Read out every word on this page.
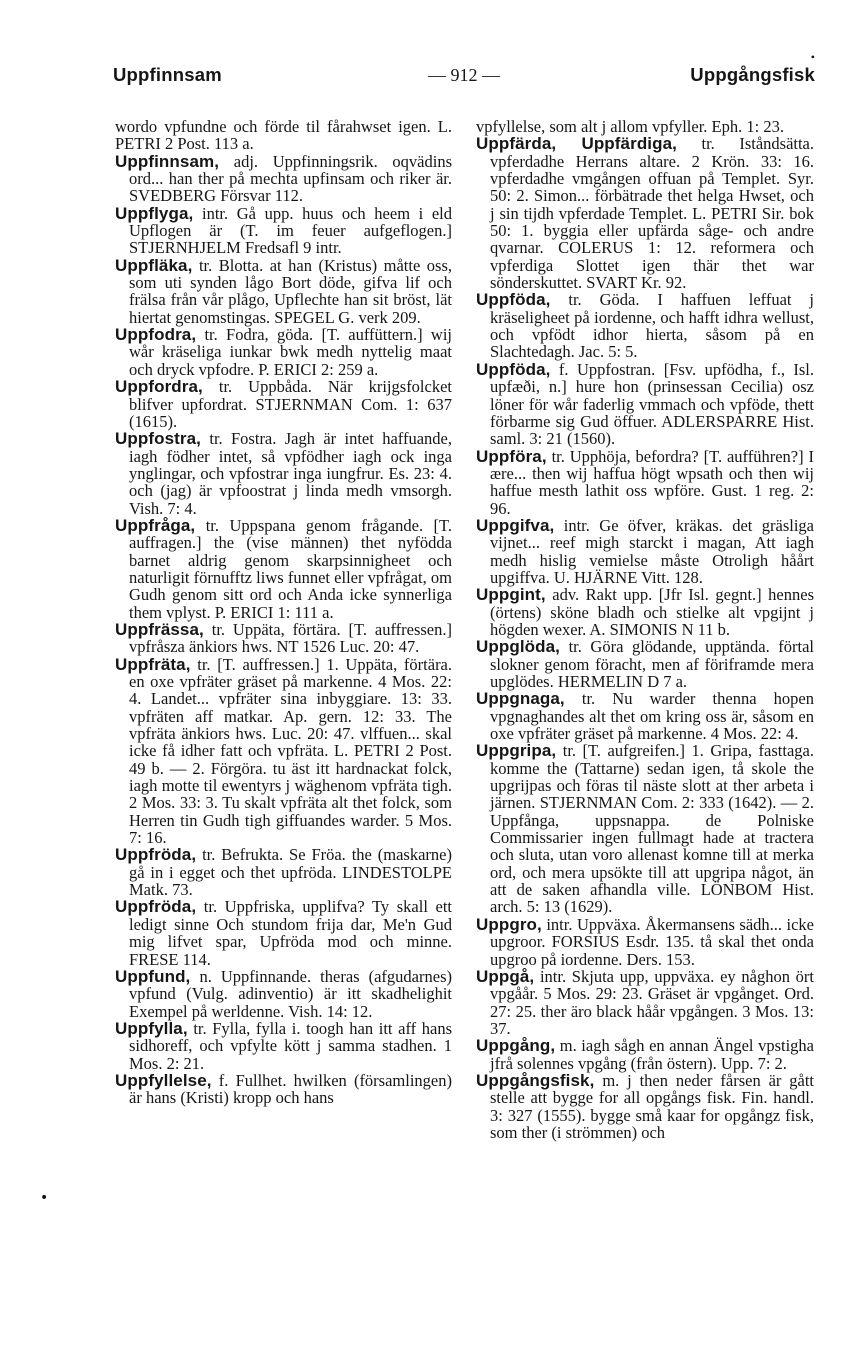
Uppfinnsam	— 912 —	Uppgångsfisk
•
•

wordo vpfundne och förde til fårahwset igen. L. PETRI 2 Post. 113 a.

Uppfinnsam, adj. Uppfinningsrik. oqvädins ord... han ther på mechta upfinsam och riker är. SVEDBERG Försvar 112.

Uppflyga, intr. Gå upp. huus och heem i eld Upflogen är (T. im feuer aufgeflogen.] STJERNHJELM Fredsafl 9 intr.

Uppfläka, tr. Blotta. at han (Kristus) måtte oss, som uti synden lågo Bort döde, gifva lif och frälsa från vår plågo, Upflechte han sit bröst, lät hiertat genomstingas. SPEGEL G. verk 209.

Uppfodra, tr. Fodra, göda. [T. auffüttern.] wij wår kräseliga iunkar bwk medh nyttelig maat och dryck vpfodre. P. ERICI 2: 259 a.

Uppfordra, tr. Uppbåda. När krijgsfolcket blifver upfordrat. STJERNMAN Com. 1: 637 (1615).

Uppfostra, tr. Fostra. Jagh är intet haffuande, iagh födher intet, så vpfödher iagh ock inga ynglingar, och vpfostrar inga iungfrur. Es. 23: 4. och (jag) är vpfoostrat j linda medh vmsorgh. Vish. 7: 4.

Uppfråga, tr. Uppspana genom frågande. [T. auffragen.] the (vise männen) thet nyfödda barnet aldrig genom skarpsinnigheet och naturligit förnufftz liws funnet eller vpfrågat, om Gudh genom sitt ord och Anda icke synnerliga them vplyst. P. ERICI 1: 111 a.

Uppfrässa, tr. Uppäta, förtära. [T. auffressen.] vpfråsza änkiors hws. NT 1526 Luc. 20: 47.

Uppfräta, tr. [T. auffressen.] 1. Uppäta, förtära. en oxe vpfräter gräset på markenne. 4 Mos. 22: 4. Landet... vpfräter sina inbyggiare. 13: 33. vpfräten aff matkar. Ap. gern. 12: 33. The vpfräta änkiors hws. Luc. 20: 47. vlffuen... skal icke få idher fatt och vpfräta. L. PETRI 2 Post. 49 b. — 2. Förgöra. tu äst itt hardnackat folck, iagh motte til ewentyrs j wäghenom vpfräta tigh. 2 Mos. 33: 3. Tu skalt vpfräta alt thet folck, som Herren tin Gudh tigh giffuandes warder. 5 Mos. 7: 16.

Uppfröda, tr. Befrukta. Se Fröa. the (maskarne) gå in i egget och thet upfröda. LINDESTOLPE Matk. 73.

Uppfröda, tr. Uppfriska, upplifva? Ty skall ett ledigt sinne Och stundom frija dar, Me'n Gud mig lifvet spar, Upfröda mod och minne. FRESE 114.

Uppfund, n. Uppfinnande. theras (afgudarnes) vpfund (Vulg. adinventio) är itt skadhelighit Exempel på werldenne. Vish. 14: 12.

Uppfylla, tr. Fylla, fylla i. toogh han itt aff hans sidhoreff, och vpfylte kött j samma stadhen. 1 Mos. 2: 21.

Uppfyllelse, f. Fullhet. hwilken (församlingen) är hans (Kristi) kropp och hans

vpfyllelse, som alt j allom vpfyller. Eph. 1: 23.

Uppfärda, Uppfärdiga, tr. Iståndsätta. vpferdadhe Herrans altare. 2 Krön. 33: 16. vpferdadhe vmgången offuan på Templet. Syr. 50: 2. Simon... förbätrade thet helga Hwset, och j sin tijdh vpferdade Templet. L. PETRI Sir. bok 50: 1. byggia eller upfärda såge- och andre qvarnar. COLERUS 1: 12. reformera och vpferdiga Slottet igen thär thet war sönderskuttet. SVART Kr. 92.

Uppföda, tr. Göda. I haffuen leffuat j kräseligheet på iordenne, och hafft idhra wellust, och vpfödt idhor hierta, såsom på en Slachtedagh. Jac. 5: 5.

Uppföda, f. Uppfostran. [Fsv. upfödha, f., Isl. upfæði, n.] hure hon (prinsessan Cecilia) osz löner för wår faderlig vmmach och vpföde, thett förbarme sig Gud öffuer. ADLERSPARRE Hist. saml. 3: 21 (1560).

Uppföra, tr. Upphöja, befordra? [T. aufführen?] I ære... then wij haffua högt wpsath och then wij haffue mesth lathit oss wpföre. Gust. 1 reg. 2: 96.

Uppgifva, intr. Ge öfver, kräkas. det gräsliga vijnet... reef migh starckt i magan, Att iagh medh hislig vemielse måste Otroligh håårt upgiffva. U. HJÄRNE Vitt. 128.

Uppgint, adv. Rakt upp. [Jfr Isl. gegnt.] hennes (örtens) sköne bladh och stielke alt vpgijnt j högden wexer. A. SIMONIS N 11 b.

Uppglöda, tr. Göra glödande, upptända. förtal slokner genom föracht, men af föriframde mera upglödes. HERMELIN D 7 a.

Uppgnaga, tr. Nu warder thenna hopen vpgnaghandes alt thet om kring oss är, såsom en oxe vpfräter gräset på markenne. 4 Mos. 22: 4.

Uppgripa, tr. [T. aufgreifen.] 1. Gripa, fasttaga. komme the (Tattarne) sedan igen, tå skole the upgrijpas och föras til näste slott at ther arbeta i järnen. STJERNMAN Com. 2: 333 (1642). — 2. Uppfånga, uppsnappa. de Polniske Commissarier ingen fullmagt hade at tractera och sluta, utan voro allenast komne till at merka ord, och mera upsökte till att upgripa något, än att de saken afhandla ville. LÖNBOM Hist. arch. 5: 13 (1629).

Uppgro, intr. Uppväxa. Åkermansens sädh... icke upgroor. FORSIUS Esdr. 135. tå skal thet onda upgroo på iordenne. Ders. 153.

Uppgå, intr. Skjuta upp, uppväxa. ey någhon ört vpgåår. 5 Mos. 29: 23. Gräset är vpgånget. Ord. 27: 25. ther äro black håår vpgången. 3 Mos. 13: 37.

Uppgång, m. iagh sågh en annan Ängel vpstigha jfrå solennes vpgång (från östern). Upp. 7: 2.

Uppgångsfisk, m. j then neder fårsen är gått stelle att bygge for all opgångs fisk. Fin. handl. 3: 327 (1555). bygge små kaar for opgångz fisk, som ther (i strömmen) och
